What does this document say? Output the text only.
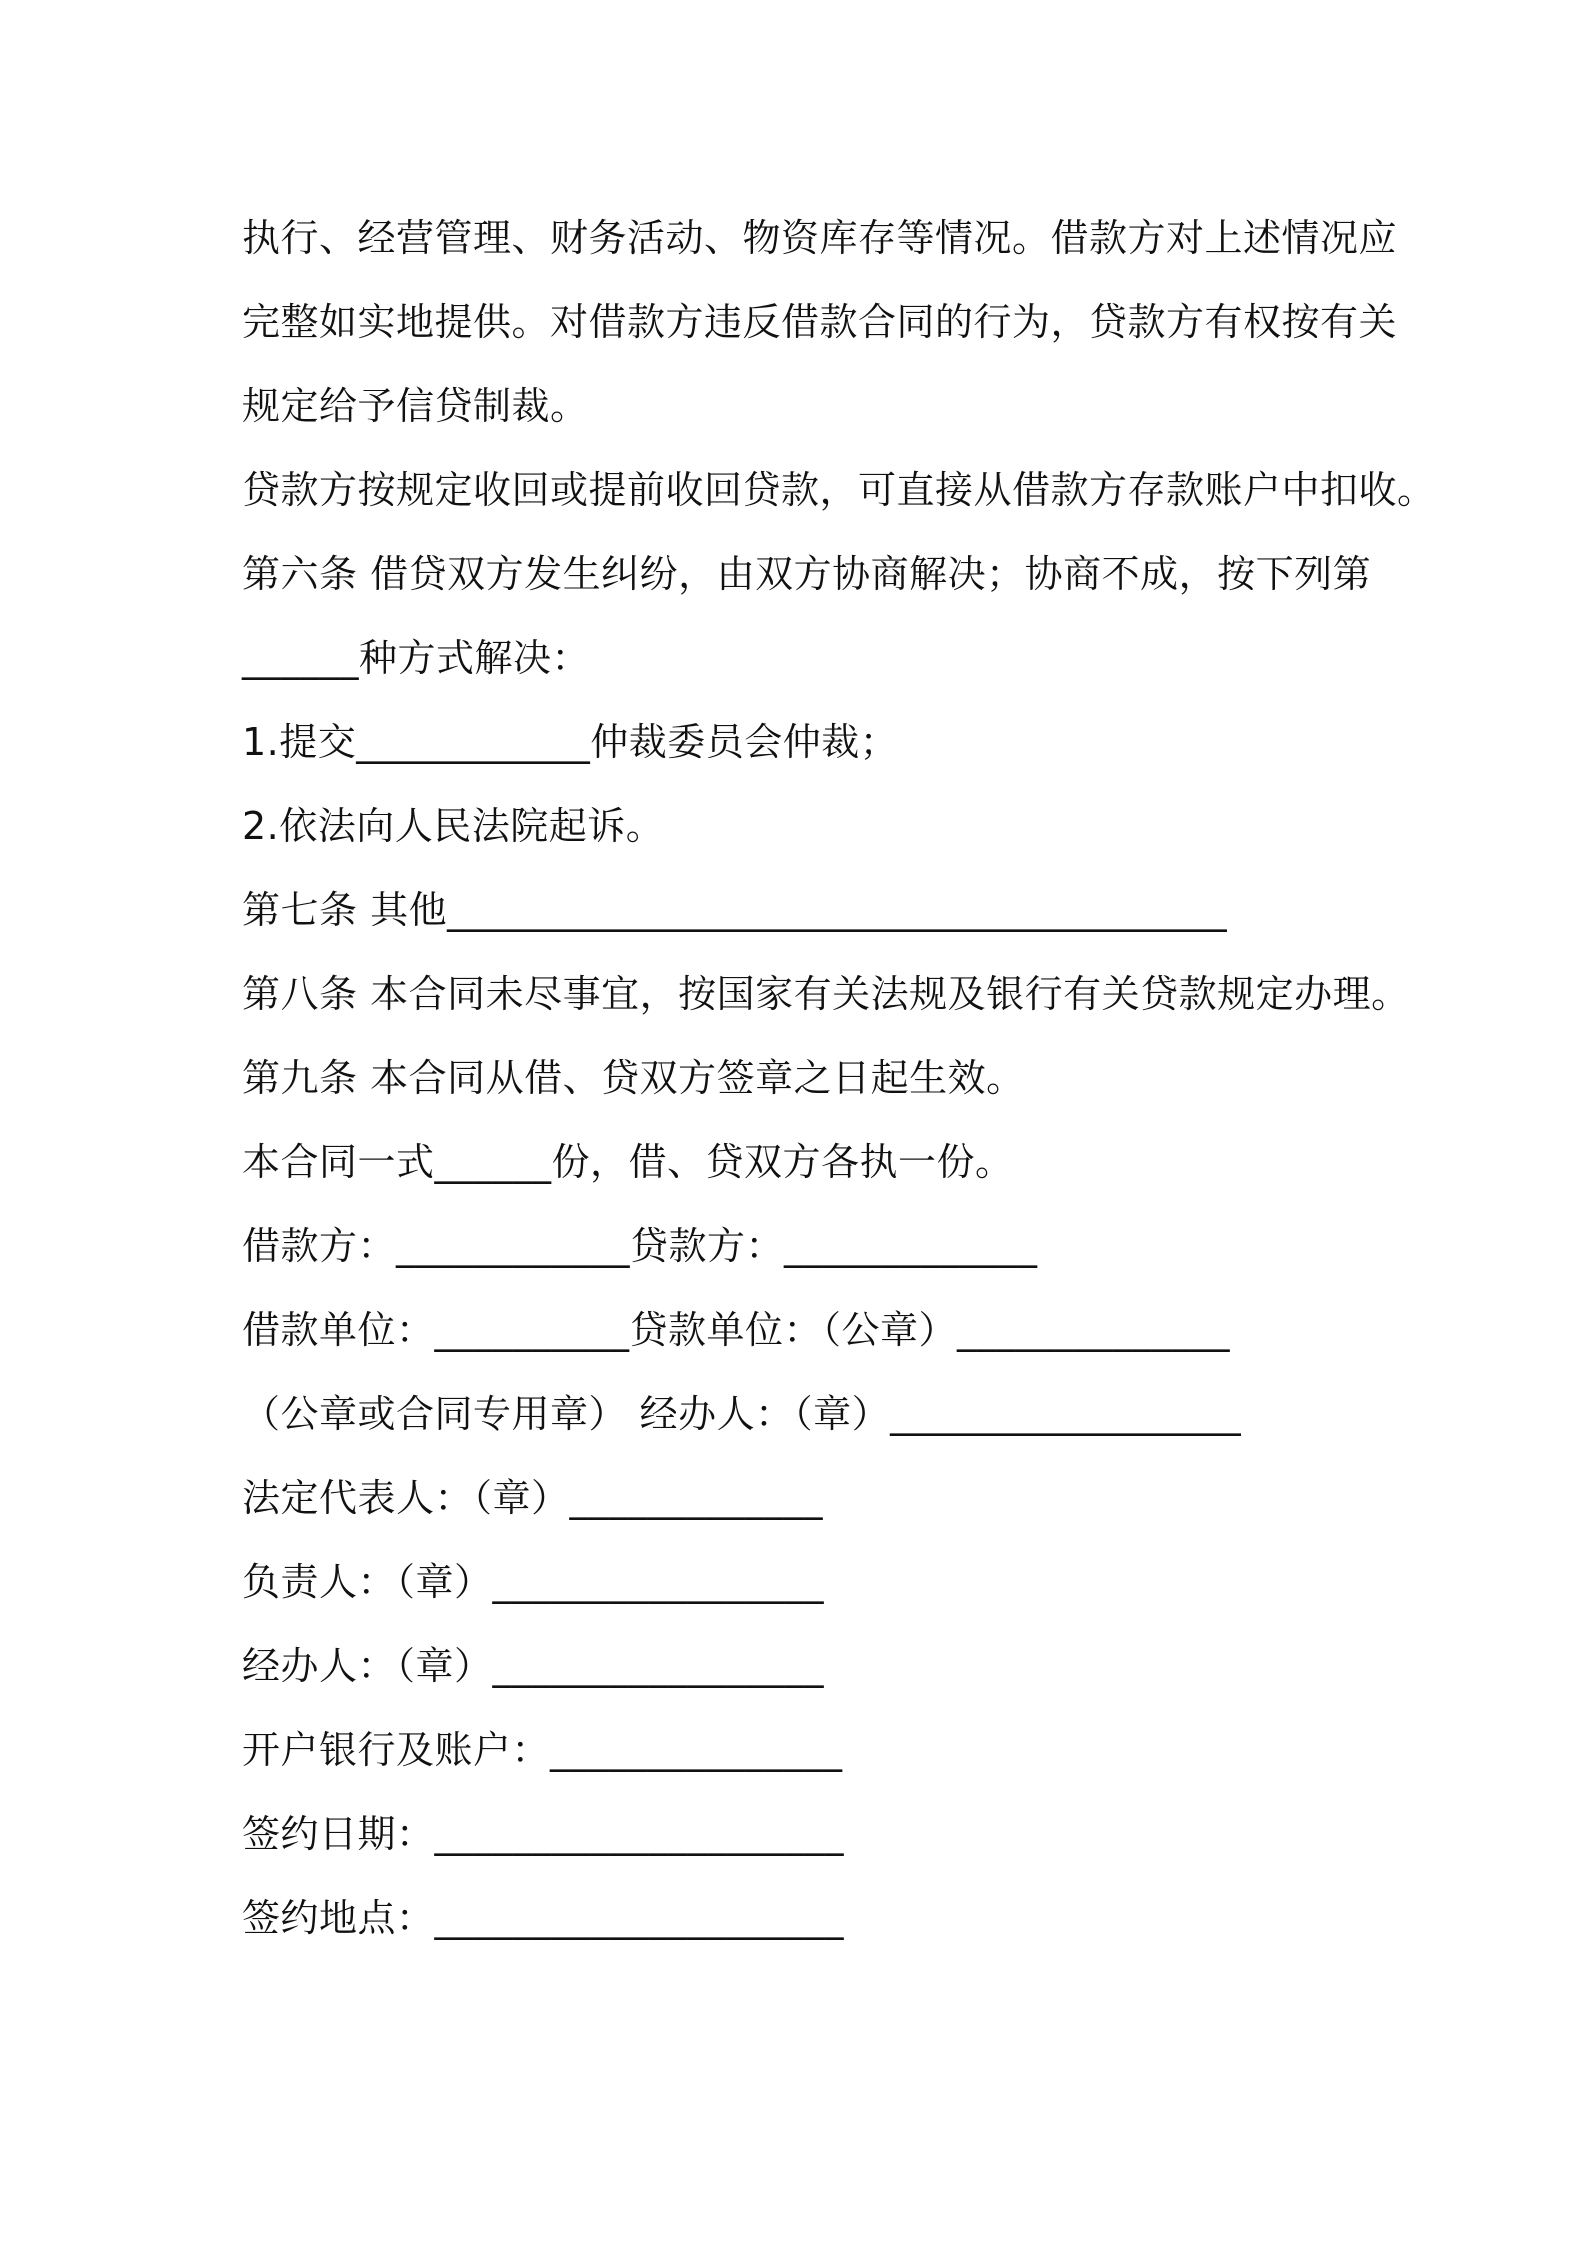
执行、经营管理、财务活动、物资库存等情况。借款方对上述情况应
完整如实地提供。对借款方违反借款合同的行为，贷款方有权按有关
规定给予信贷制裁。
贷款方按规定收回或提前收回贷款，可直接从借款方存款账户中扣收。
第六条 借贷双方发生纠纷，由双方协商解决；协商不成，按下列第
______种方式解决：
1.提交____________仲裁委员会仲裁；
2.依法向人民法院起诉。
第七条 其他________________________________________
第八条 本合同未尽事宜，按国家有关法规及银行有关贷款规定办理。
第九条 本合同从借、贷双方签章之日起生效。
本合同一式______份，借、贷双方各执一份。
借款方：____________贷款方：_____________
借款单位：__________贷款单位：（公章）______________
（公章或合同专用章） 经办人：（章）__________________
法定代表人：（章）_____________
负责人：（章）_________________
经办人：（章）_________________
开户银行及账户：_______________
签约日期：_____________________
签约地点：_____________________
